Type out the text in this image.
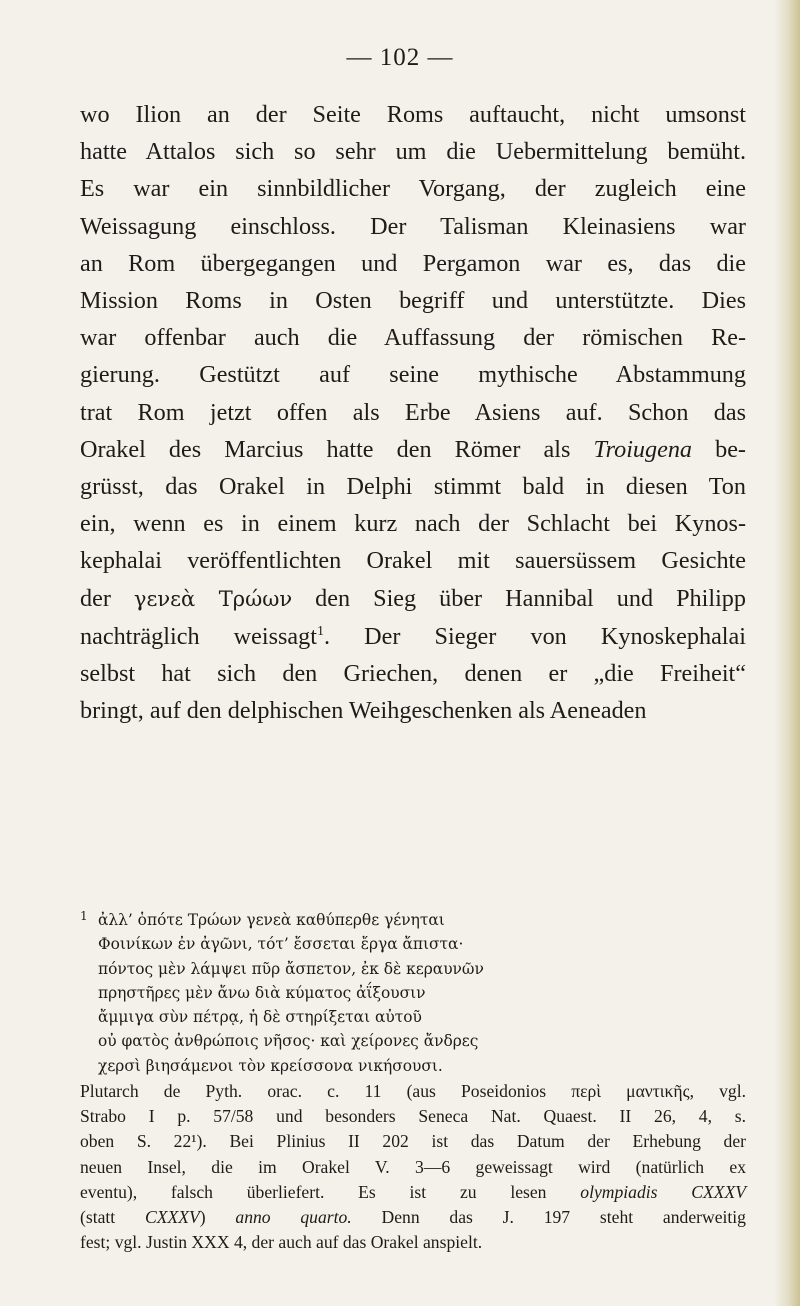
— 102 —
wo Ilion an der Seite Roms auftaucht, nicht umsonst
hatte Attalos sich so sehr um die Uebermittelung bemüht.
Es war ein sinnbildlicher Vorgang, der zugleich eine
Weissagung einschloss. Der Talisman Kleinasiens war
an Rom übergegangen und Pergamon war es, das die
Mission Roms in Osten begriff und unterstützte. Dies
war offenbar auch die Auffassung der römischen Re-
gierung. Gestützt auf seine mythische Abstammung
trat Rom jetzt offen als Erbe Asiens auf. Schon das
Orakel des Marcius hatte den Römer als Troiugena be-
grüsst, das Orakel in Delphi stimmt bald in diesen Ton
ein, wenn es in einem kurz nach der Schlacht bei Kynos-
kephalai veröffentlichten Orakel mit sauersüssem Gesichte
der γενεὰ Τρώων den Sieg über Hannibal und Philipp
nachträglich weissagt$^1$. Der Sieger von Kynoskephalai
selbst hat sich den Griechen, denen er „die Freiheit“
bringt, auf den delphischen Weihgeschenken als Aeneaden
1 ἀλλ’ ὁπότε Τρώων γενεὰ καθύπερθε γένηται
Φοινίκων ἐν ἀγῶνι, τότ’ ἔσσεται ἔργα ἄπιστα·
πόντος μὲν λάμψει πῦρ ἄσπετον, ἐκ δὲ κεραυνῶν
πρηστῆρες μὲν ἄνω διὰ κύματος ἀΐξουσιν
ἄμμιγα σὺν πέτρᾳ, ἡ δὲ στηρίξεται αὐτοῦ
οὐ φατὸς ἀνθρώποις νῆσος· καὶ χείρονες ἄνδρες
χερσὶ βιησάμενοι τὸν κρείσσονα νικήσουσι.
Plutarch de Pyth. orac. c. 11 (aus Poseidonios περὶ μαντικῆς, vgl.
Strabo I p. 57/58 und besonders Seneca Nat. Quaest. II 26, 4, s.
oben S. 22¹). Bei Plinius II 202 ist das Datum der Erhebung der
neuen Insel, die im Orakel V. 3—6 geweissagt wird (natürlich ex
eventu), falsch überliefert. Es ist zu lesen olympiadis CXXXV
(statt CXXXV) anno quarto. Denn das J. 197 steht anderweitig
fest; vgl. Justin XXX 4, der auch auf das Orakel anspielt.
